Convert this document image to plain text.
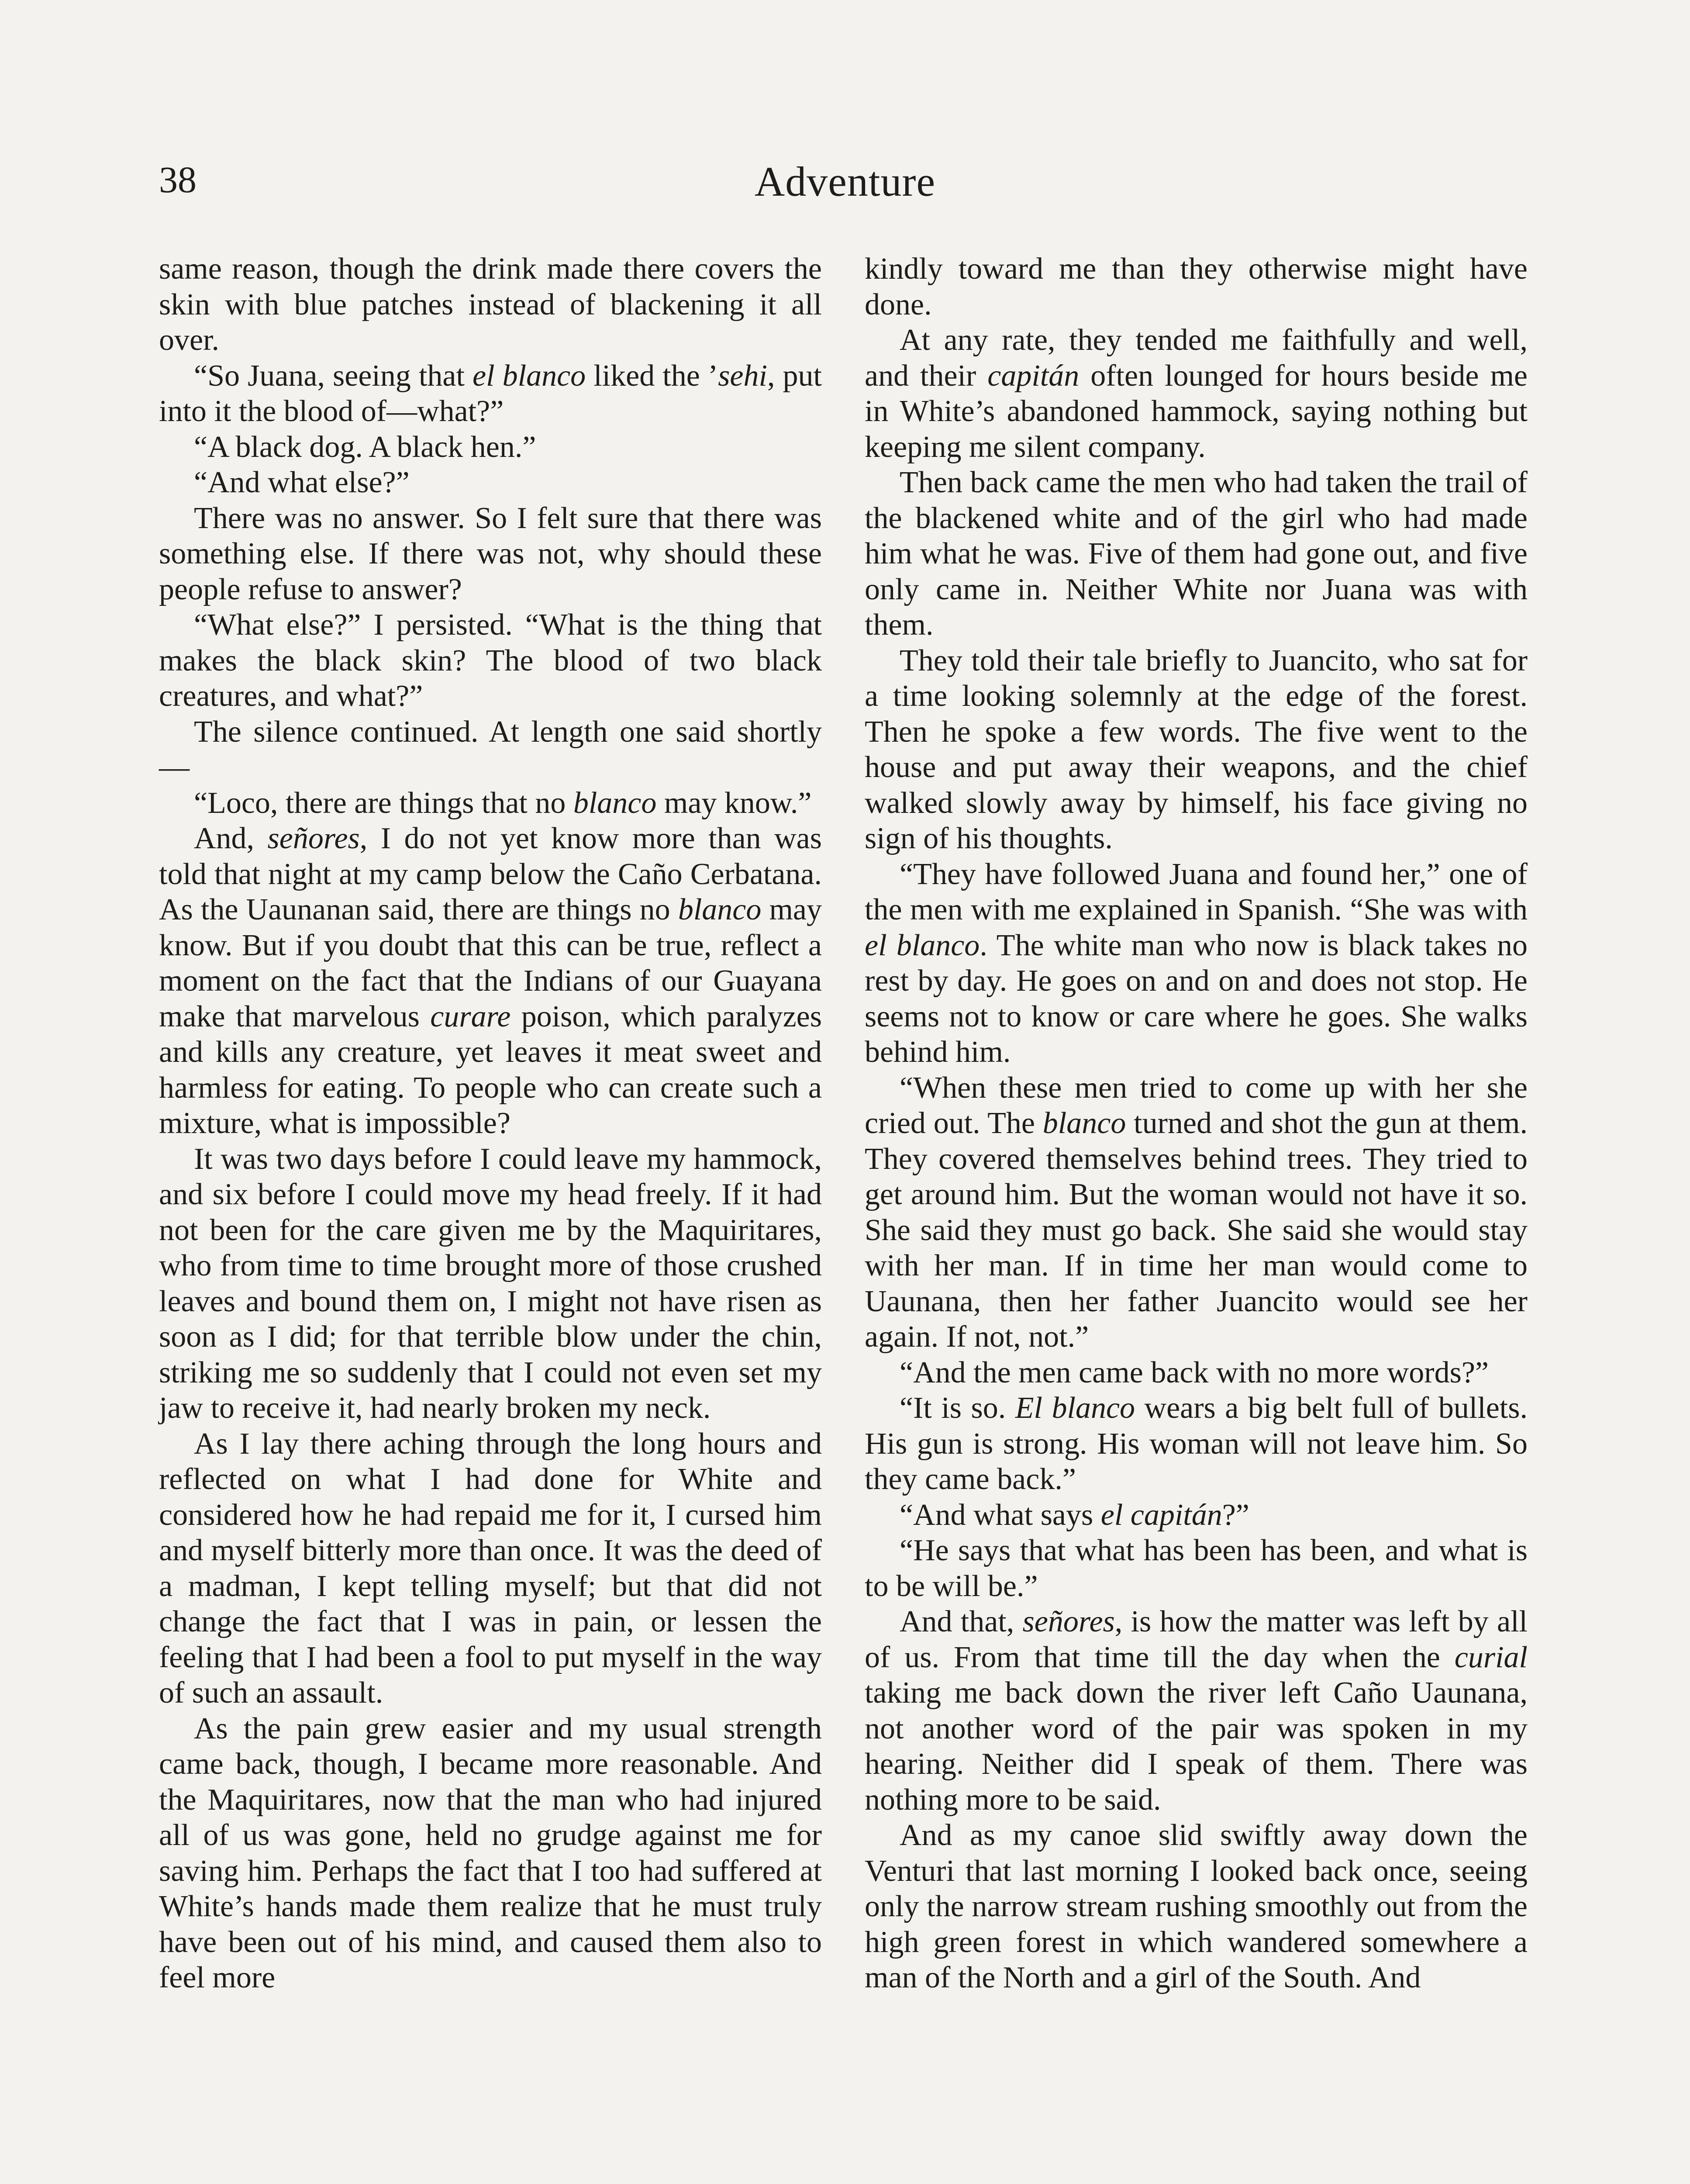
38	Adventure

same reason, though the drink made there covers the skin with blue patches instead of blackening it all over.

“So Juana, seeing that el blanco liked the ’sehi, put into it the blood of—what?”

“A black dog. A black hen.”

“And what else?”

There was no answer. So I felt sure that there was something else. If there was not, why should these people refuse to answer?

“What else?” I persisted. “What is the thing that makes the black skin? The blood of two black creatures, and what?”

The silence continued. At length one said shortly—

“Loco, there are things that no blanco may know.”

And, señores, I do not yet know more than was told that night at my camp below the Caño Cerbatana. As the Uaunanan said, there are things no blanco may know. But if you doubt that this can be true, reflect a moment on the fact that the Indians of our Guayana make that marvelous curare poison, which paralyzes and kills any creature, yet leaves it meat sweet and harmless for eating. To people who can create such a mixture, what is impossible?

It was two days before I could leave my hammock, and six before I could move my head freely. If it had not been for the care given me by the Maquiritares, who from time to time brought more of those crushed leaves and bound them on, I might not have risen as soon as I did; for that terrible blow under the chin, striking me so suddenly that I could not even set my jaw to receive it, had nearly broken my neck.

As I lay there aching through the long hours and reflected on what I had done for White and considered how he had repaid me for it, I cursed him and myself bitterly more than once. It was the deed of a madman, I kept telling myself; but that did not change the fact that I was in pain, or lessen the feeling that I had been a fool to put myself in the way of such an assault.

As the pain grew easier and my usual strength came back, though, I became more reasonable. And the Maquiritares, now that the man who had injured all of us was gone, held no grudge against me for saving him. Perhaps the fact that I too had suffered at White’s hands made them realize that he must truly have been out of his mind, and caused them also to feel more

kindly toward me than they otherwise might have done.

At any rate, they tended me faithfully and well, and their capitán often lounged for hours beside me in White’s abandoned hammock, saying nothing but keeping me silent company.

Then back came the men who had taken the trail of the blackened white and of the girl who had made him what he was. Five of them had gone out, and five only came in. Neither White nor Juana was with them.

They told their tale briefly to Juancito, who sat for a time looking solemnly at the edge of the forest. Then he spoke a few words. The five went to the house and put away their weapons, and the chief walked slowly away by himself, his face giving no sign of his thoughts.

“They have followed Juana and found her,” one of the men with me explained in Spanish. “She was with el blanco. The white man who now is black takes no rest by day. He goes on and on and does not stop. He seems not to know or care where he goes. She walks behind him.

“When these men tried to come up with her she cried out. The blanco turned and shot the gun at them. They covered themselves behind trees. They tried to get around him. But the woman would not have it so. She said they must go back. She said she would stay with her man. If in time her man would come to Uaunana, then her father Juancito would see her again. If not, not.”

“And the men came back with no more words?”

“It is so. El blanco wears a big belt full of bullets. His gun is strong. His woman will not leave him. So they came back.”

“And what says el capitán?”

“He says that what has been has been, and what is to be will be.”

And that, señores, is how the matter was left by all of us. From that time till the day when the curial taking me back down the river left Caño Uaunana, not another word of the pair was spoken in my hearing. Neither did I speak of them. There was nothing more to be said.

And as my canoe slid swiftly away down the Venturi that last morning I looked back once, seeing only the narrow stream rushing smoothly out from the high green forest in which wandered somewhere a man of the North and a girl of the South. And
